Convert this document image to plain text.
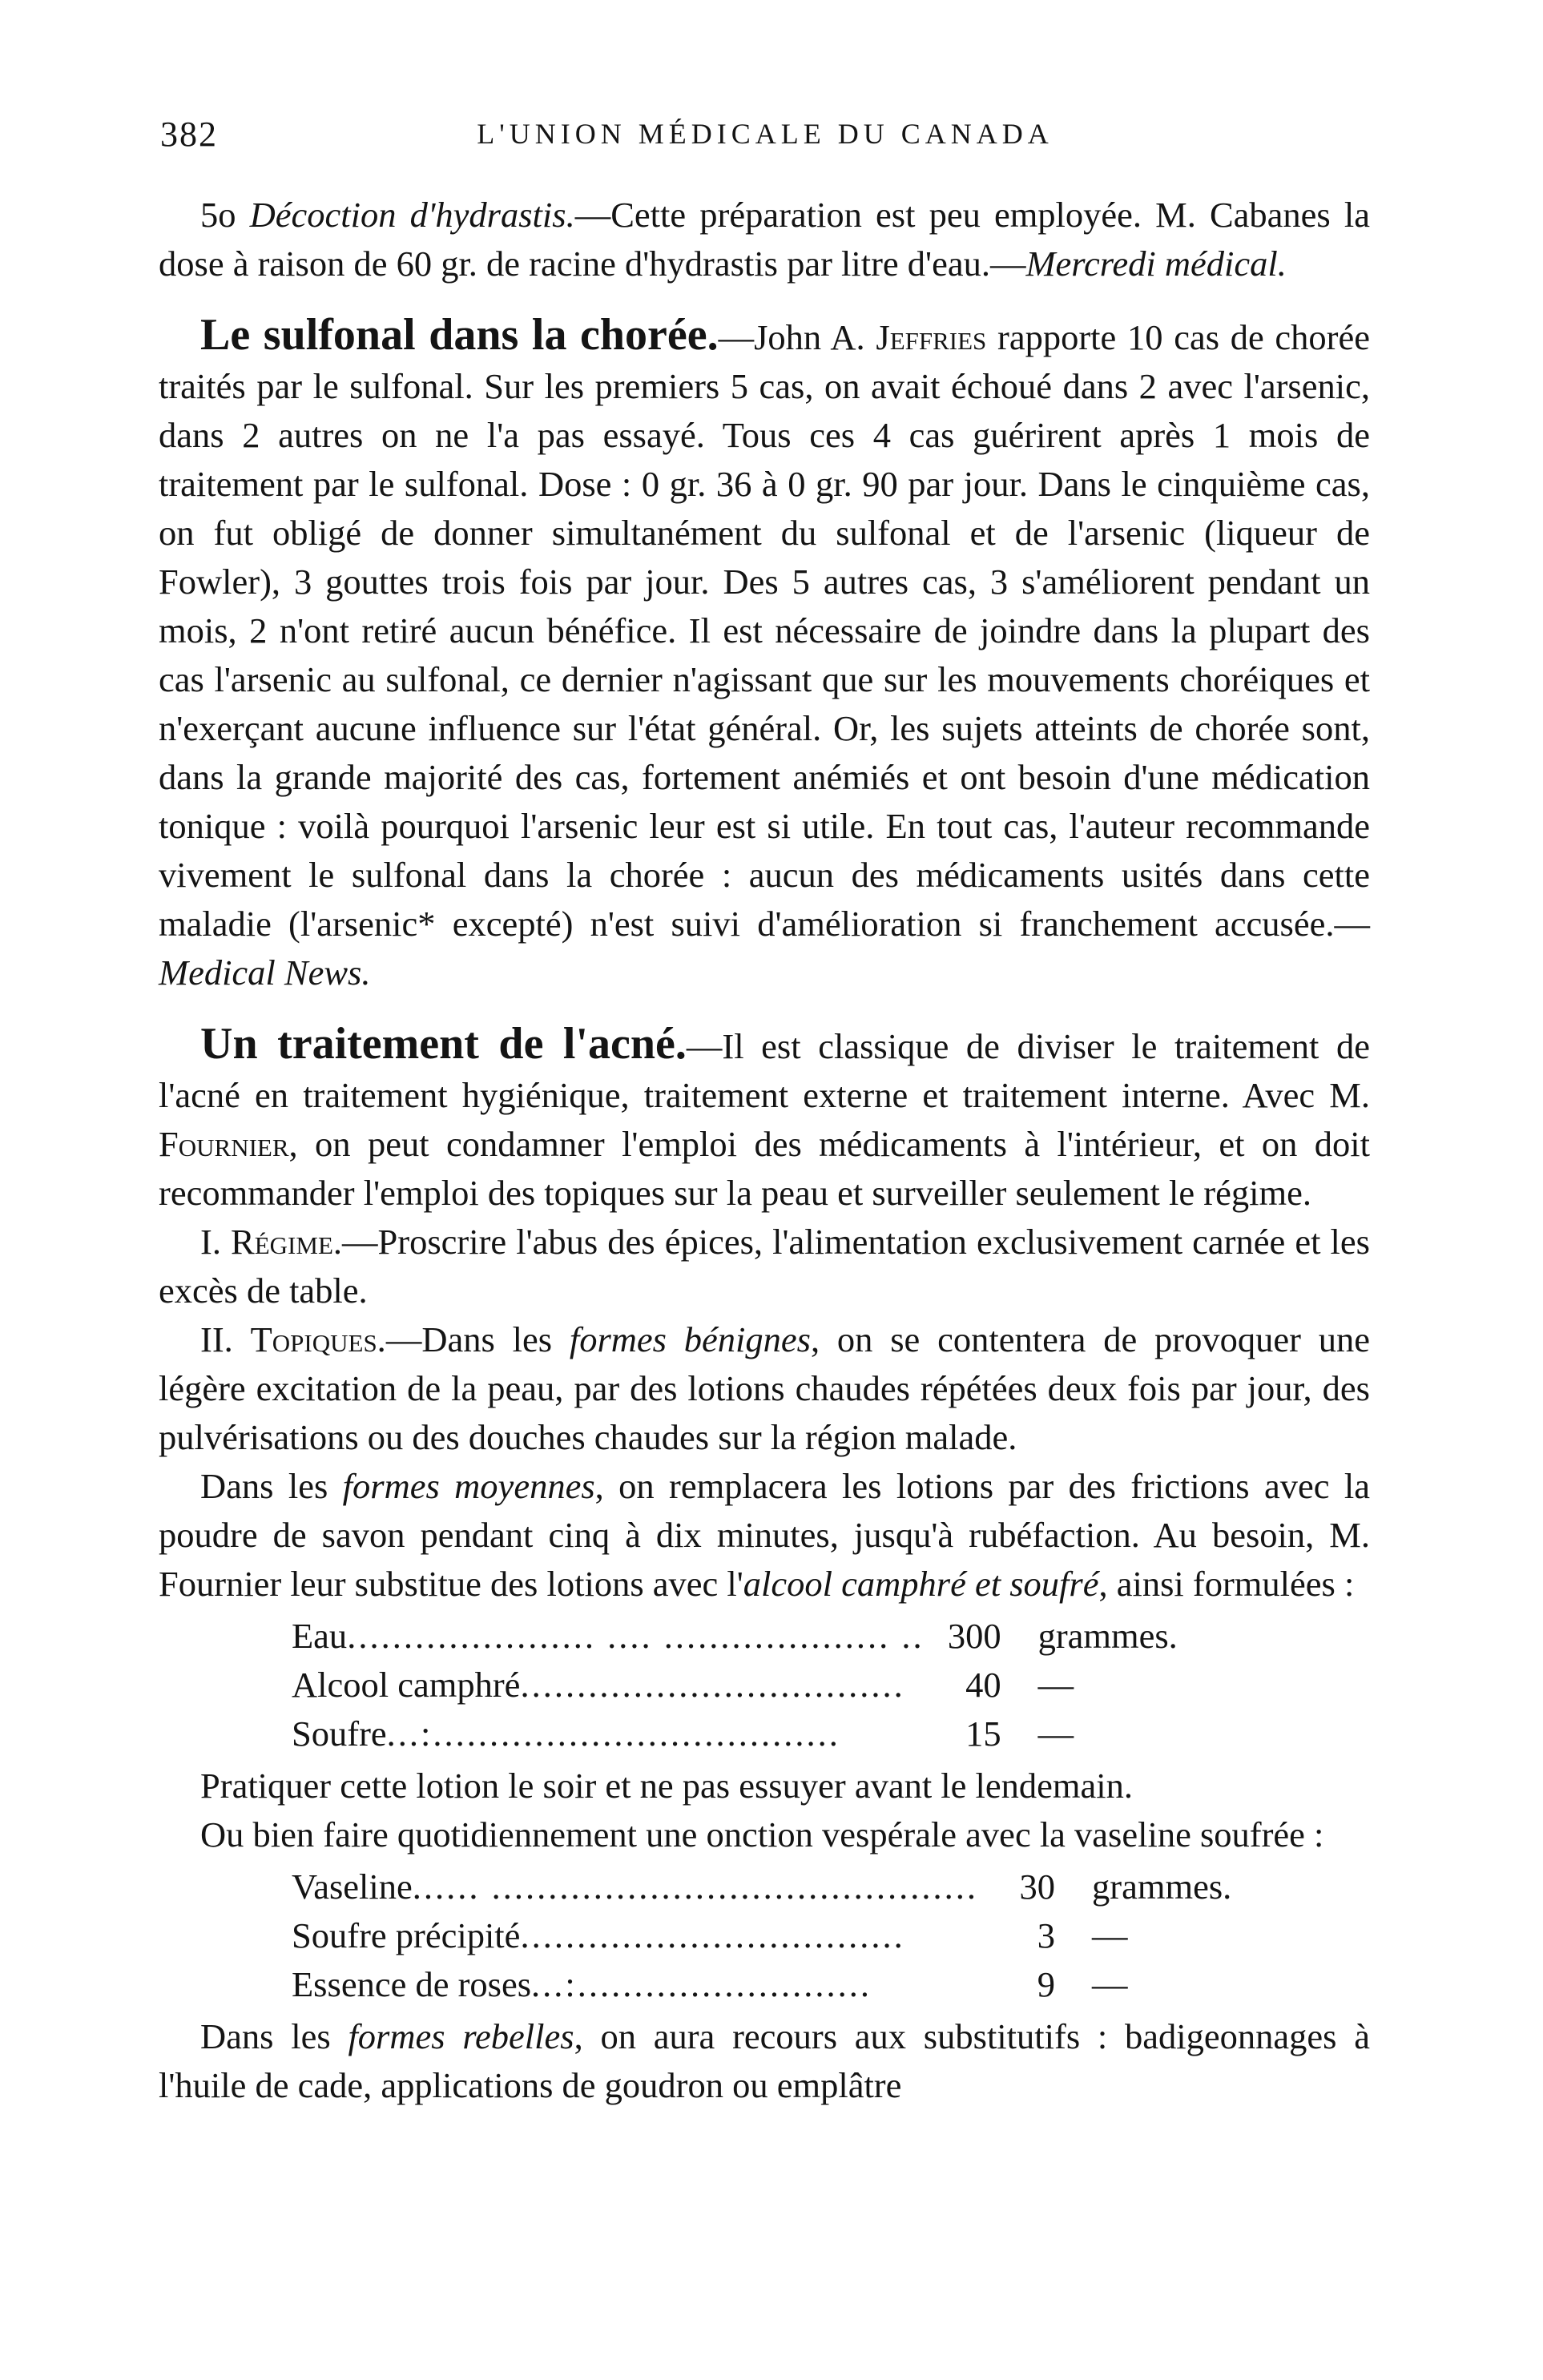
382	L'UNION MÉDICALE DU CANADA

5o Décoction d'hydrastis.—Cette préparation est peu employée. M. Cabanes la dose à raison de 60 gr. de racine d'hydrastis par litre d'eau.—Mercredi médical.

Le sulfonal dans la chorée.—John A. Jeffries rapporte 10 cas de chorée traités par le sulfonal. Sur les premiers 5 cas, on avait échoué dans 2 avec l'arsenic, dans 2 autres on ne l'a pas essayé. Tous ces 4 cas guérirent après 1 mois de traitement par le sulfonal. Dose : 0 gr. 36 à 0 gr. 90 par jour. Dans le cinquième cas, on fut obligé de donner simultanément du sulfonal et de l'arsenic (liqueur de Fowler), 3 gouttes trois fois par jour. Des 5 autres cas, 3 s'améliorent pendant un mois, 2 n'ont retiré aucun bénéfice. Il est nécessaire de joindre dans la plupart des cas l'arsenic au sulfonal, ce dernier n'agissant que sur les mouvements choréiques et n'exerçant aucune influence sur l'état général. Or, les sujets atteints de chorée sont, dans la grande majorité des cas, fortement anémiés et ont besoin d'une médication tonique : voilà pourquoi l'arsenic leur est si utile. En tout cas, l'auteur recommande vivement le sulfonal dans la chorée : aucun des médicaments usités dans cette maladie (l'arsenic* excepté) n'est suivi d'amélioration si franchement accusée.—Medical News.

Un traitement de l'acné.—Il est classique de diviser le traitement de l'acné en traitement hygiénique, traitement externe et traitement interne. Avec M. Fournier, on peut condamner l'emploi des médicaments à l'intérieur, et on doit recommander l'emploi des topiques sur la peau et surveiller seulement le régime.

I. Régime.—Proscrire l'abus des épices, l'alimentation exclusivement carnée et les excès de table.

II. Topiques.—Dans les formes bénignes, on se contentera de provoquer une légère excitation de la peau, par des lotions chaudes répétées deux fois par jour, des pulvérisations ou des douches chaudes sur la région malade.

Dans les formes moyennes, on remplacera les lotions par des frictions avec la poudre de savon pendant cinq à dix minutes, jusqu'à rubéfaction. Au besoin, M. Fournier leur substitue des lotions avec l'alcool camphré et soufré, ainsi formulées :

Eau...................... .... .................... ..	300	grammes.
Alcool camphré..................................	40	—
Soufre...:....................................	15	—

Pratiquer cette lotion le soir et ne pas essuyer avant le lendemain.

Ou bien faire quotidiennement une onction vespérale avec la vaseline soufrée :

Vaseline...... ...........................................	30	grammes.
Soufre précipité..................................	3	—
Essence de roses...:..........................	9	—

Dans les formes rebelles, on aura recours aux substitutifs : badigeonnages à l'huile de cade, applications de goudron ou emplâtre
